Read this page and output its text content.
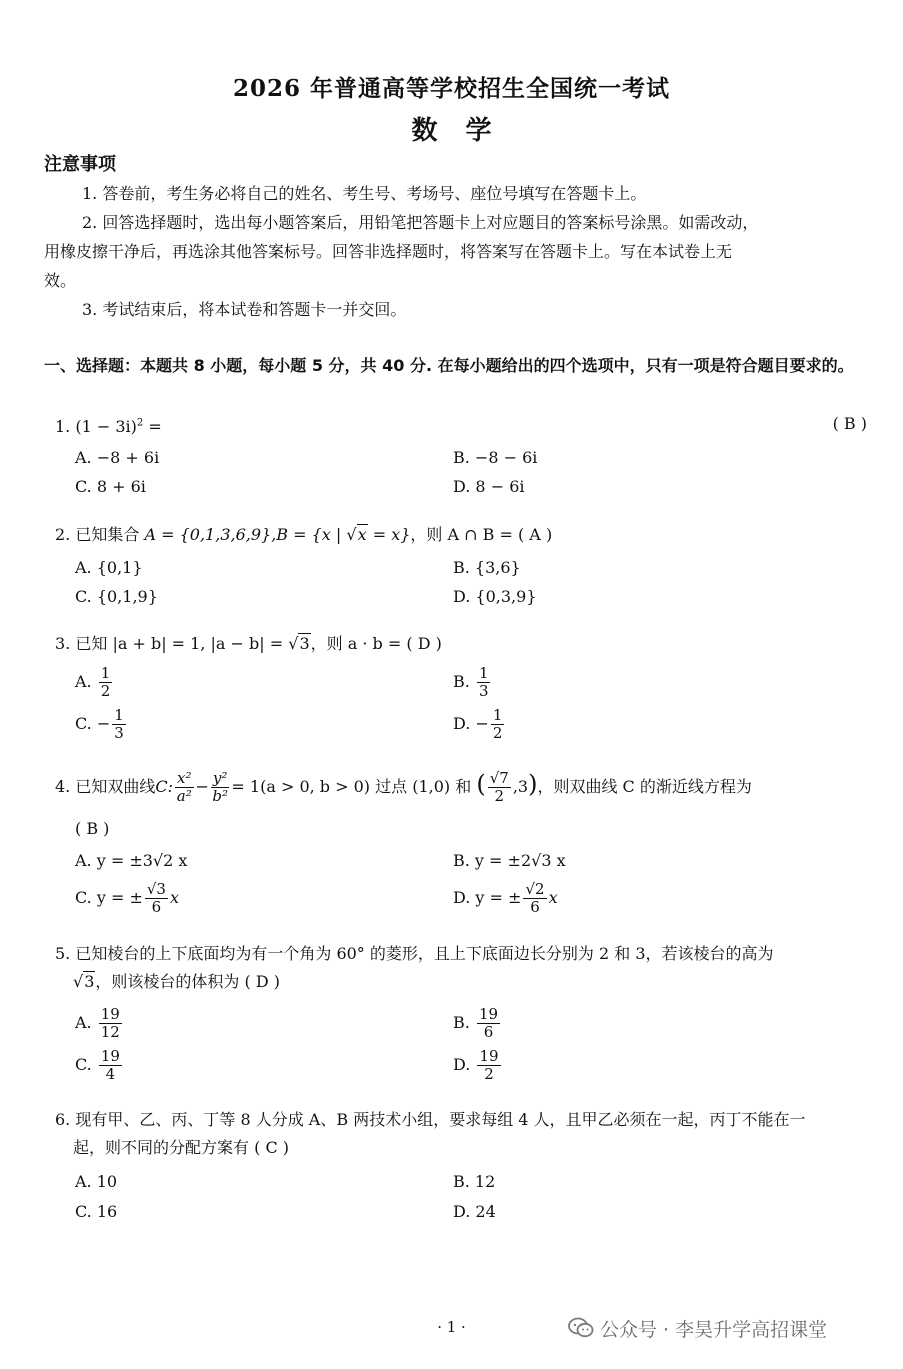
2026 年普通高等学校招生全国统一考试
数学
注意事项
1. 答卷前，考生务必将自己的姓名、考生号、考场号、座位号填写在答题卡上。
2. 回答选择题时，选出每小题答案后，用铅笔把答题卡上对应题目的答案标号涂黑。如需改动，
用橡皮擦干净后，再选涂其他答案标号。回答非选择题时，将答案写在答题卡上。写在本试卷上无
效。
3. 考试结束后，将本试卷和答题卡一并交回。
一、选择题：本题共 8 小题，每小题 5 分，共 40 分. 在每小题给出的四个选项中，只有一项是符合题目要求的。
1. $(1 - 3i)^2$ =	( B )
A. −8 + 6i	B. −8 − 6i
C. 8 + 6i	D. 8 − 6i
2. 已知集合 A = {0,1,3,6,9},B = {x | √x = x}，则 A ∩ B = ( A )
A. {0,1}	B. {3,6}
C. {0,1,9}	D. {0,3,9}
3. 已知 |a + b| = 1, |a − b| = √3，则 a · b = ( D )
A. $\frac{1}{2}$	B. $\frac{1}{3}$
C. − $\frac{1}{3}$	D. − $\frac{1}{2}$
4. 已知双曲线C: $\frac{\text{x²}}{\text{a²}} - \frac{\text{y²}}{\text{b²}} = 1(a > 0$, b > 0) 过点 (1,0) 和 ( $\frac{√7}{2} ,3$)，则双曲线 C 的渐近线方程为
( B )
A. y = ±3√2 x	B. y = ±2√3 x
C. y = ± $\frac{√3}{6}$ x	D. y = ± $\frac{√2}{6}$ x
5. 已知棱台的上下底面均为有一个角为 60° 的菱形，且上下底面边长分别为 2 和 3，若该棱台的高为
√3，则该棱台的体积为 ( D )
A. $\frac{19}{12}$	B. $\frac{19}{6}$
C. $\frac{19}{4}$	D. $\frac{19}{2}$
6. 现有甲、乙、丙、丁等 8 人分成 A、B 两技术小组，要求每组 4 人，且甲乙必须在一起，丙丁不能在一
起，则不同的分配方案有 ( C )
A. 10	B. 12
C. 16	D. 24
· 1 ·	公众号 · 李昊升学高招课堂
